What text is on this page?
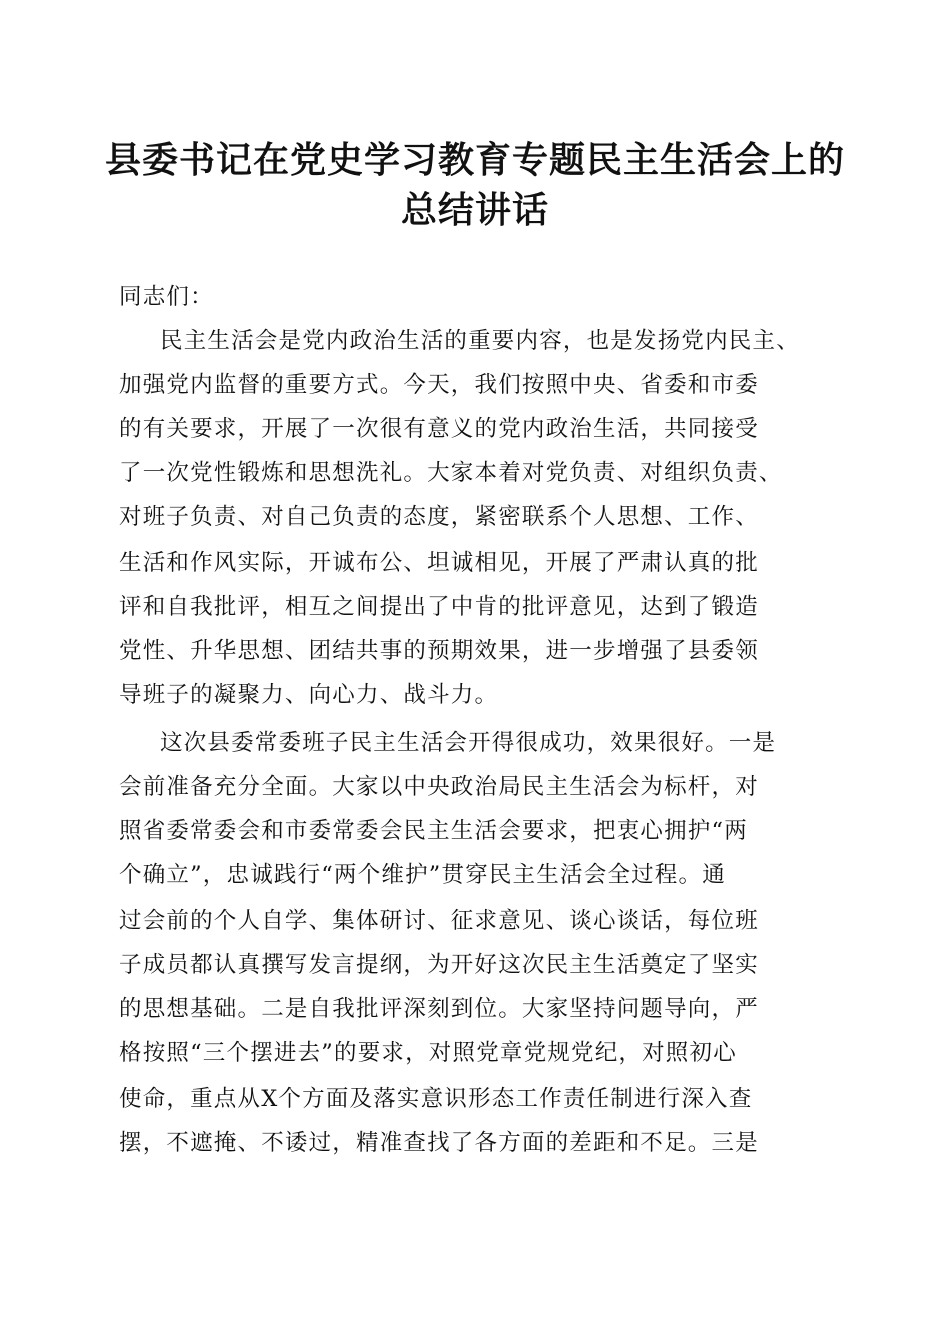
县委书记在党史学习教育专题民主生活会上的
总结讲话
同志们：
民主生活会是党内政治生活的重要内容，也是发扬党内民主、
加强党内监督的重要方式。今天，我们按照中央、省委和市委
的有关要求，开展了一次很有意义的党内政治生活，共同接受
了一次党性锻炼和思想洗礼。大家本着对党负责、对组织负责、
对班子负责、对自己负责的态度，紧密联系个人思想、工作、
生活和作风实际，开诚布公、坦诚相见，开展了严肃认真的批
评和自我批评，相互之间提出了中肯的批评意见，达到了锻造
党性、升华思想、团结共事的预期效果，进一步增强了县委领
导班子的凝聚力、向心力、战斗力。
这次县委常委班子民主生活会开得很成功，效果很好。一是
会前准备充分全面。大家以中央政治局民主生活会为标杆，对
照省委常委会和市委常委会民主生活会要求，把衷心拥护“两
个确立”，忠诚践行“两个维护”贯穿民主生活会全过程。通
过会前的个人自学、集体研讨、征求意见、谈心谈话，每位班
子成员都认真撰写发言提纲，为开好这次民主生活奠定了坚实
的思想基础。二是自我批评深刻到位。大家坚持问题导向，严
格按照“三个摆进去”的要求，对照党章党规党纪，对照初心
使命，重点从X个方面及落实意识形态工作责任制进行深入查
摆，不遮掩、不诿过，精准查找了各方面的差距和不足。三是
